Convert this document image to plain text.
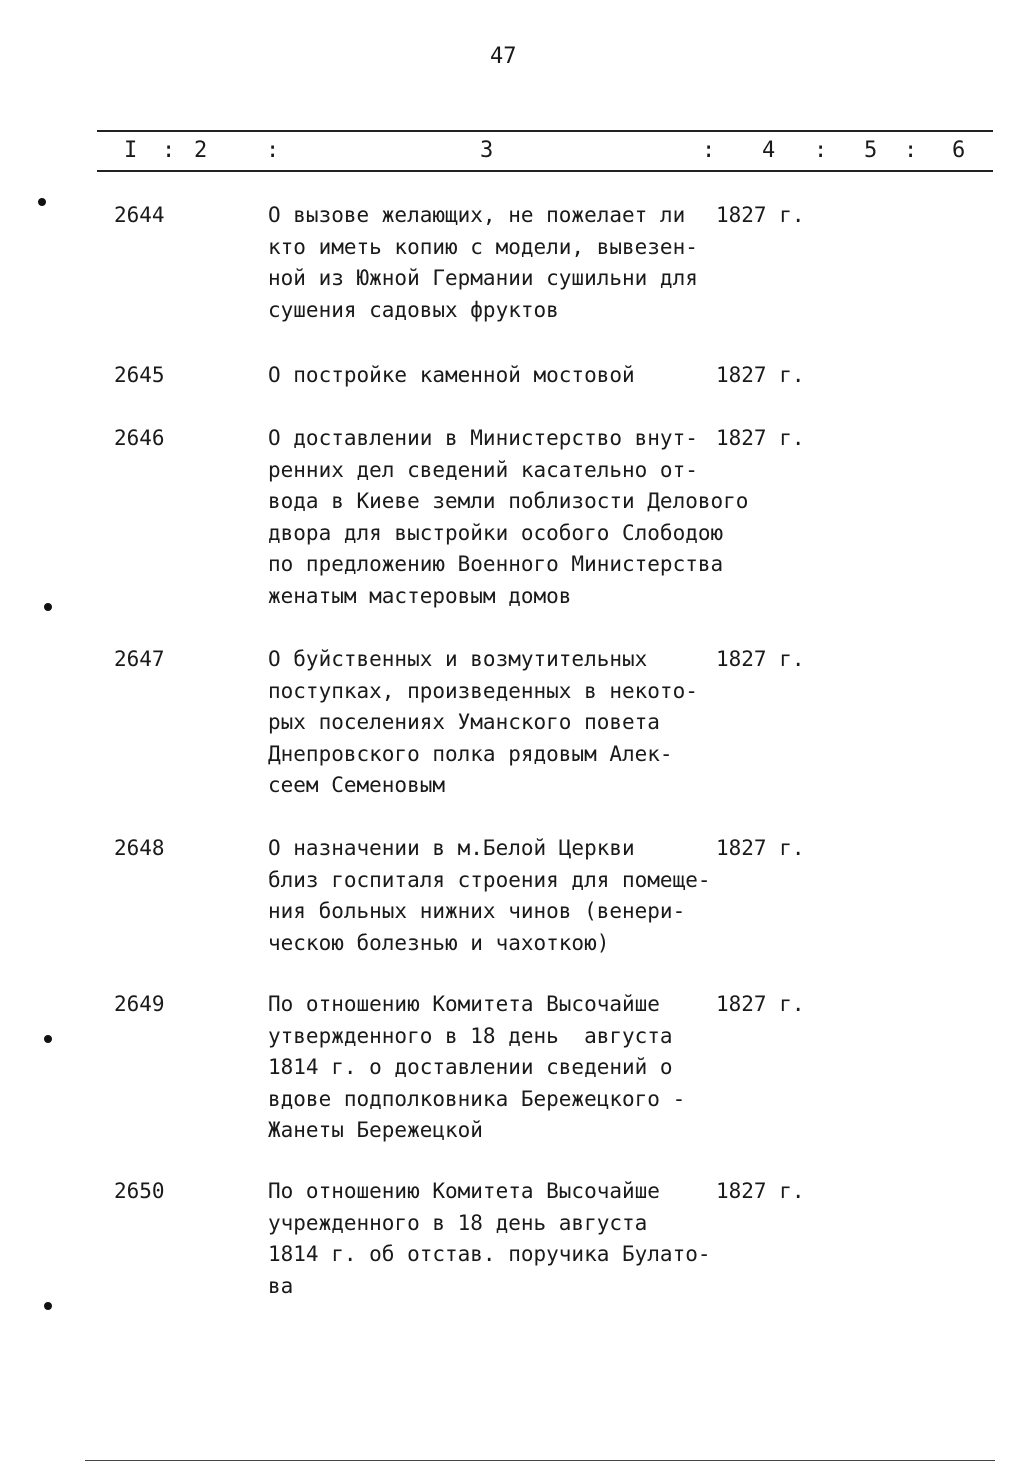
47
I : 2	:	3	: 4 : 5 : 6
2644	О вызове желающих, не пожелает ли
кто иметь копию с модели, вывезен-
ной из Южной Германии сушильни для
сушения садовых фруктов
1827 г.
2645	О постройке каменной мостовой	1827 г.
2646	О доставлении в Министерство внут-
ренних дел сведений касательно от-
вода в Киеве земли поблизости Делового
двора для выстройки особого Слободою
по предложению Военного Министерства
женатым мастеровым домов
1827 г.
2647	О буйственных и возмутительных
поступках, произведенных в некото-
рых поселениях Уманского повета
Днепровского полка рядовым Алек-
сеем Семеновым
1827 г.
2648	О назначении в м.Белой Церкви
близ госпиталя строения для помеще-
ния больных нижних чинов (венери-
ческою болезнью и чахоткою)
1827 г.
2649	По отношению Комитета Высочайше
утвержденного в 18 день  августа
1814 г. о доставлении сведений о
вдове подполковника Бережецкого -
Жанеты Бережецкой
1827 г.
2650	По отношению Комитета Высочайше
учрежденного в 18 день августа
1814 г. об отстав. поручика Булато-
ва
1827 г.
